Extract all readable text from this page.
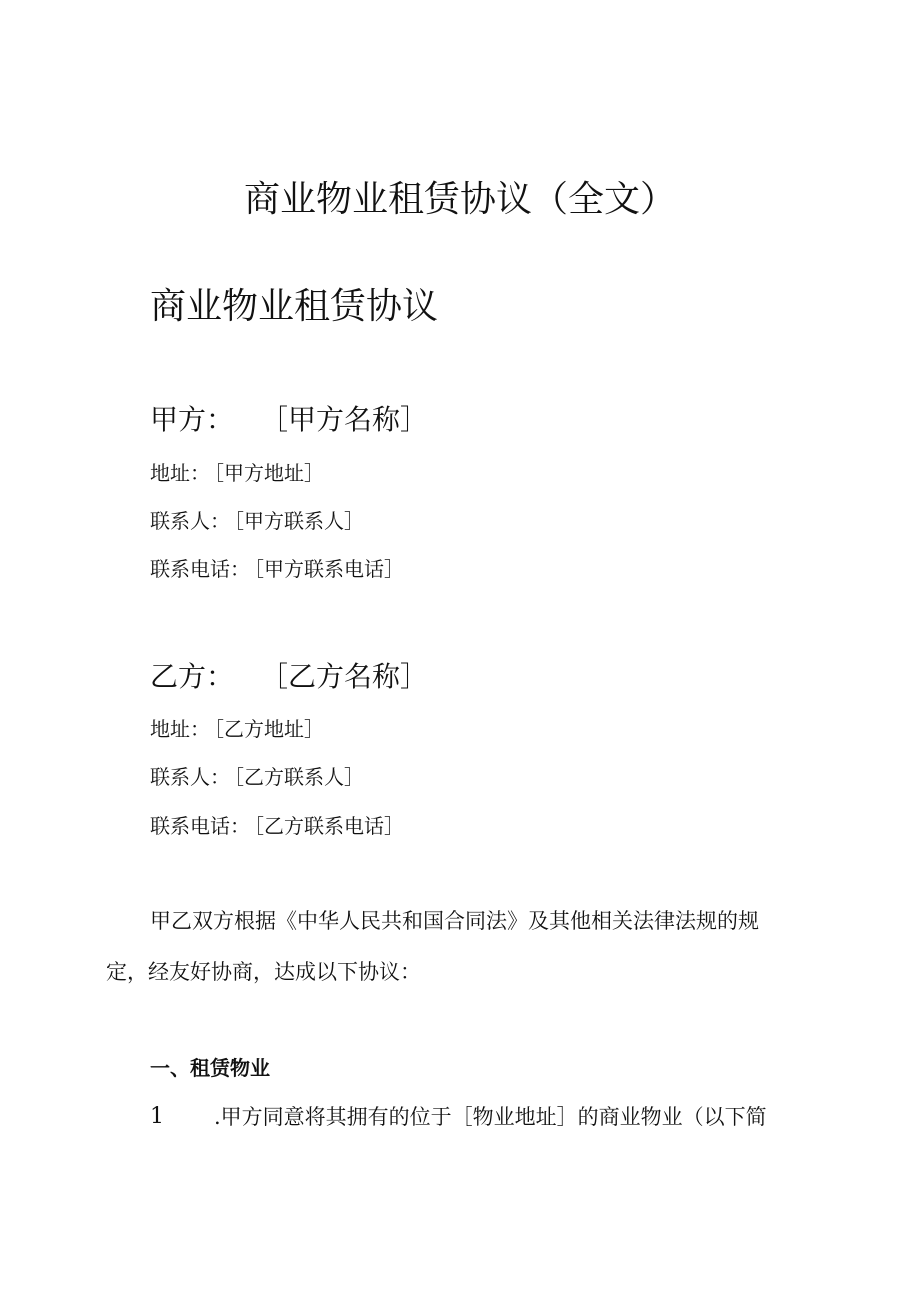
商业物业租赁协议（全文）
商业物业租赁协议
甲方： ［甲方名称］
地址： ［甲方地址］
联系人： ［甲方联系人］
联系电话： ［甲方联系电话］
乙方： ［乙方名称］
地址： ［乙方地址］
联系人： ［乙方联系人］
联系电话： ［乙方联系电话］
甲乙双方根据《中华人民共和国合同法》及其他相关法律法规的规
定，经友好协商，达成以下协议：
一、租赁物业
1 .甲方同意将其拥有的位于［物业地址］的商业物业（以下简
